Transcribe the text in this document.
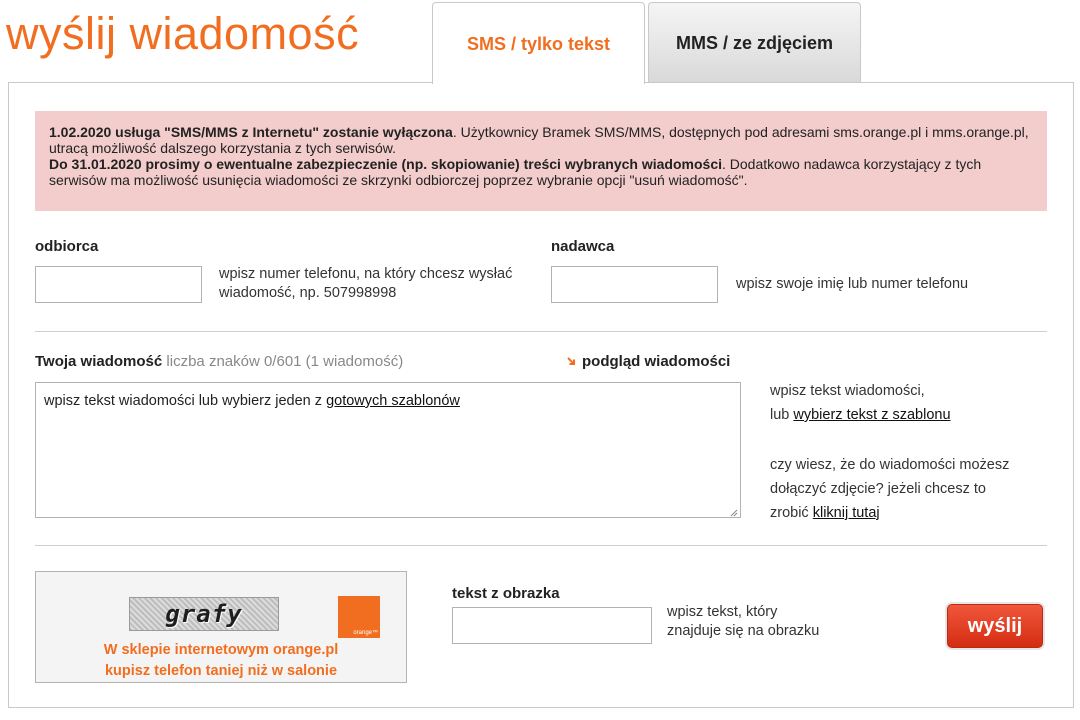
wyślij wiadomość	SMS / tylko tekst	MMS / ze zdjęciem

1.02.2020 usługa "SMS/MMS z Internetu" zostanie wyłączona. Użytkownicy Bramek SMS/MMS, dostępnych pod adresami sms.orange.pl i mms.orange.pl, utracą możliwość dalszego korzystania z tych serwisów.

Do 31.01.2020 prosimy o ewentualne zabezpieczenie (np. skopiowanie) treści wybranych wiadomości. Dodatkowo nadawca korzystający z tych serwisów ma możliwość usunięcia wiadomości ze skrzynki odbiorczej poprzez wybranie opcji "usuń wiadomość".

odbiorca
wpisz numer telefonu, na który chcesz wysłać wiadomość, np. 507998998
nadawca
wpisz swoje imię lub numer telefonu
Twoja wiadomość liczba znaków 0/601 (1 wiadomość)	podgląd wiadomości
wpisz tekst wiadomości lub wybierz jeden z gotowych szablonów
wpisz tekst wiadomości,
lub wybierz tekst z szablonu
czy wiesz, że do wiadomości możesz
dołączyć zdjęcie? jeżeli chcesz to
zrobić kliknij tutaj
grafy
orange™
W sklepie internetowym orange.pl
kupisz telefon taniej niż w salonie
tekst z obrazka
wpisz tekst, który
znajduje się na obrazku	wyślij
